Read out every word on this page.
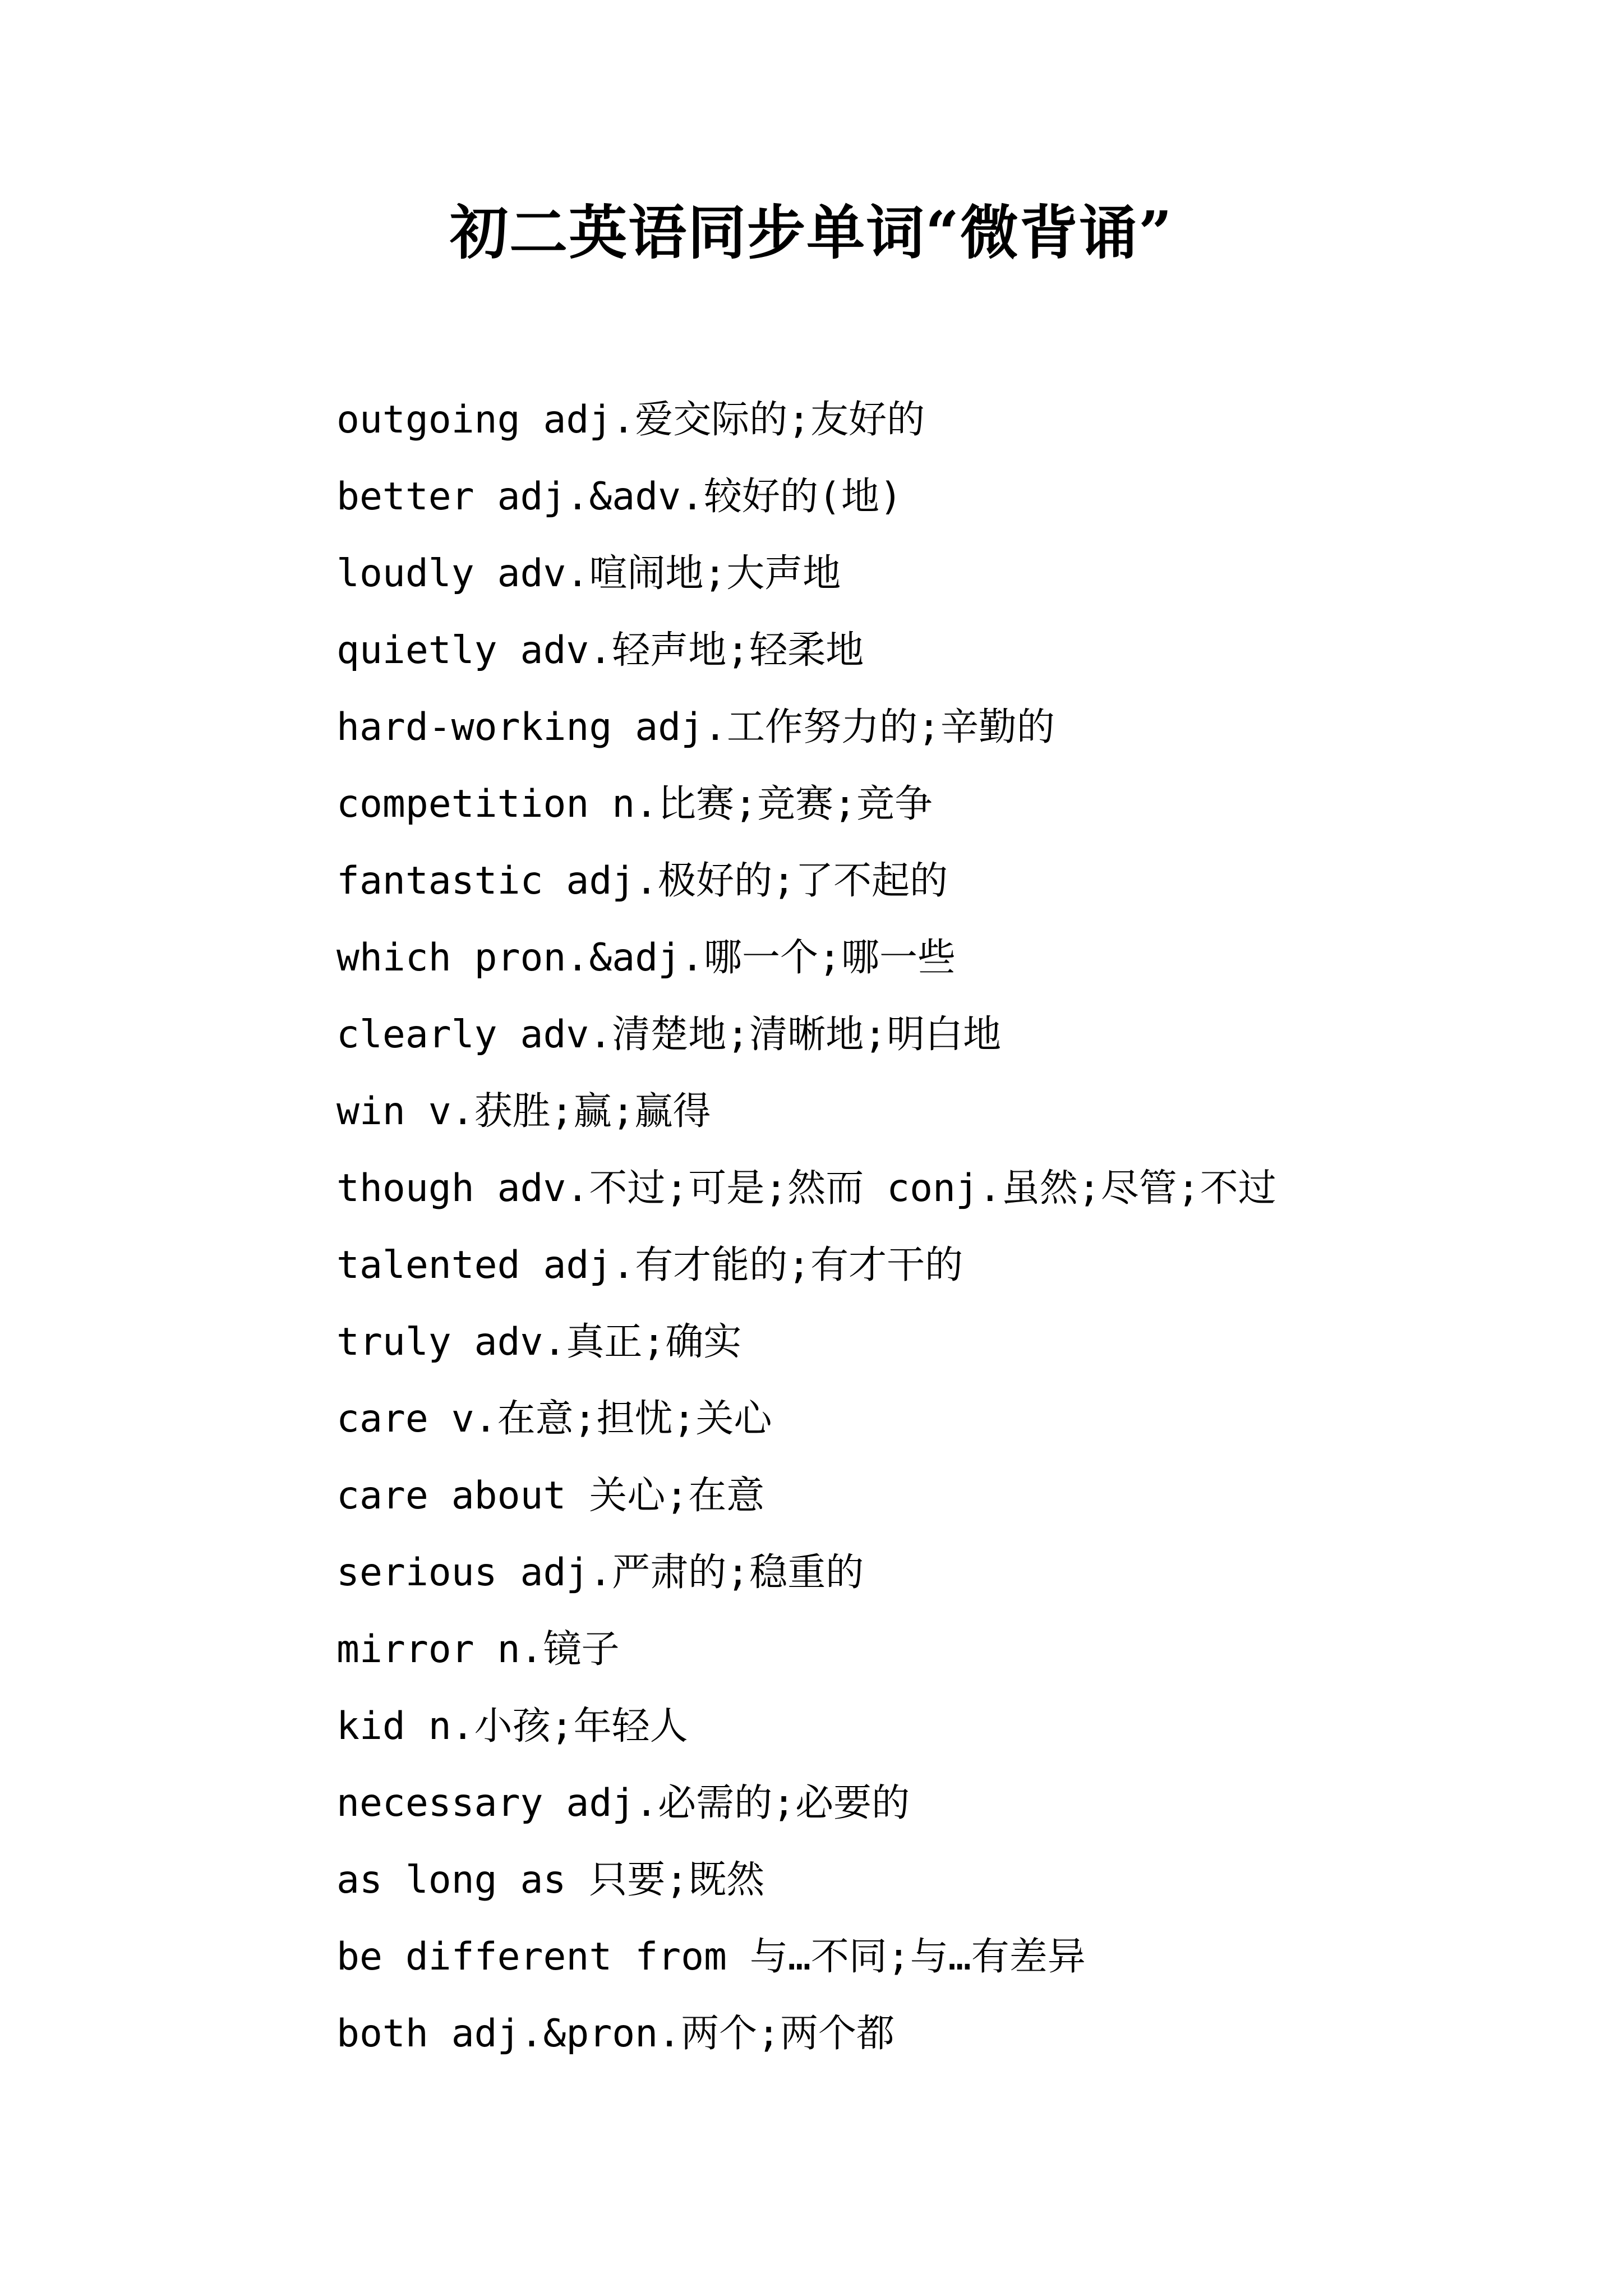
初二英语同步单词“微背诵”
outgoing adj.爱交际的;友好的
better adj.&adv.较好的(地)
loudly adv.喧闹地;大声地
quietly adv.轻声地;轻柔地
hard-working adj.工作努力的;辛勤的
competition n.比赛;竞赛;竞争
fantastic adj.极好的;了不起的
which pron.&adj.哪一个;哪一些
clearly adv.清楚地;清晰地;明白地
win v.获胜;赢;赢得
though adv.不过;可是;然而 conj.虽然;尽管;不过
talented adj.有才能的;有才干的
truly adv.真正;确实
care v.在意;担忧;关心
care about 关心;在意
serious adj.严肃的;稳重的
mirror n.镜子
kid n.小孩;年轻人
necessary adj.必需的;必要的
as long as 只要;既然
be different from 与…不同;与…有差异
both adj.&pron.两个;两个都
